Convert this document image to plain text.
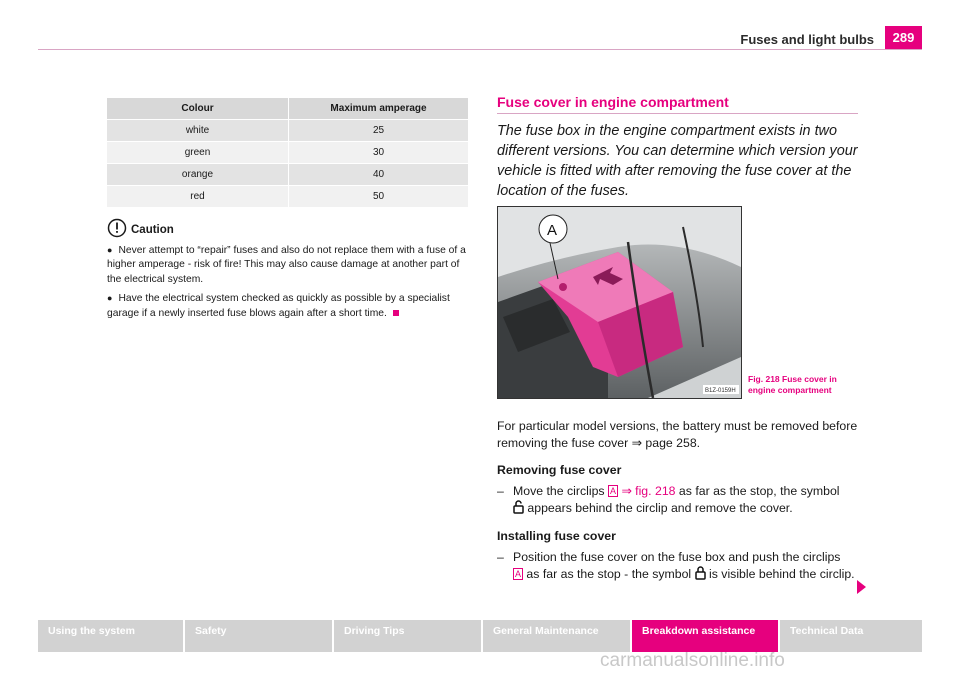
Fuses and light bulbs	289
Colour	Maximum amperage
white	25
green	30
orange	40
red	50
Caution

● Never attempt to “repair” fuses and also do not replace them with a fuse of a higher amperage - risk of fire! This may also cause damage at another part of the electrical system.

● Have the electrical system checked as quickly as possible by a specialist garage if a newly inserted fuse blows again after a short time.

Fuse cover in engine compartment
The fuse box in the engine compartment exists in two different versions. You can determine which version your vehicle is fitted with after removing the fuse cover at the location of the fuses.
A
B1Z-0159H
Fig. 218 Fuse cover in
engine compartment
For particular model versions, the battery must be removed before removing the fuse cover ⇒ page 258.
Removing fuse cover
– Move the circlips A ⇒ fig. 218 as far as the stop, the symbol
appears behind the circlip and remove the cover.
Installing fuse cover
– Position the fuse cover on the fuse box and push the circlips
A as far as the stop - the symbol  is visible behind the circlip.
Using the system	Safety	Driving Tips	General Maintenance	Breakdown assistance	Technical Data
carmanualsonline.info
